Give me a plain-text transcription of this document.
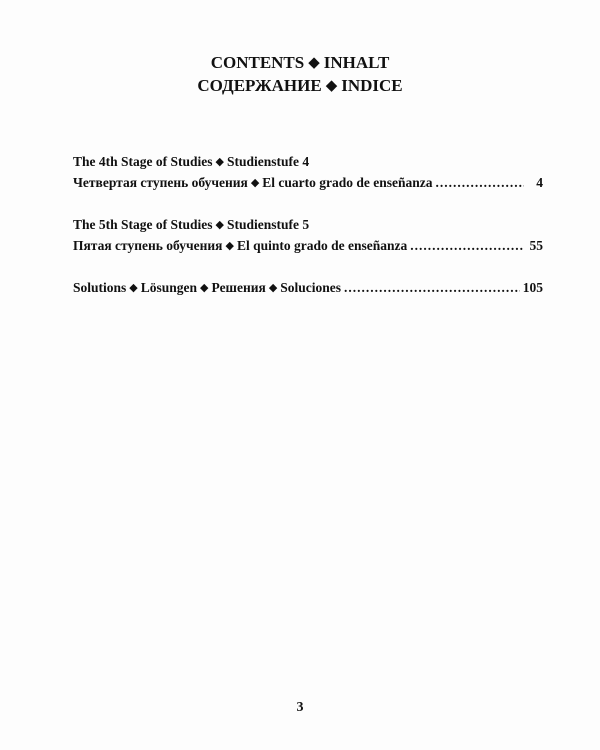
CONTENTS ◆ INHALT
СОДЕРЖАНИЕ ◆ INDICE
The 4th Stage of Studies ◆ Studienstufe 4
Четвертая ступень обучения ◆ El cuarto grado de enseñanza .....	4
The 5th Stage of Studies ◆ Studienstufe 5
Пятая ступень обучения ◆ El quinto grado de enseñanza .....	55
Solutions ◆ Lösungen ◆ Решения ◆ Soluciones .....	105
3
